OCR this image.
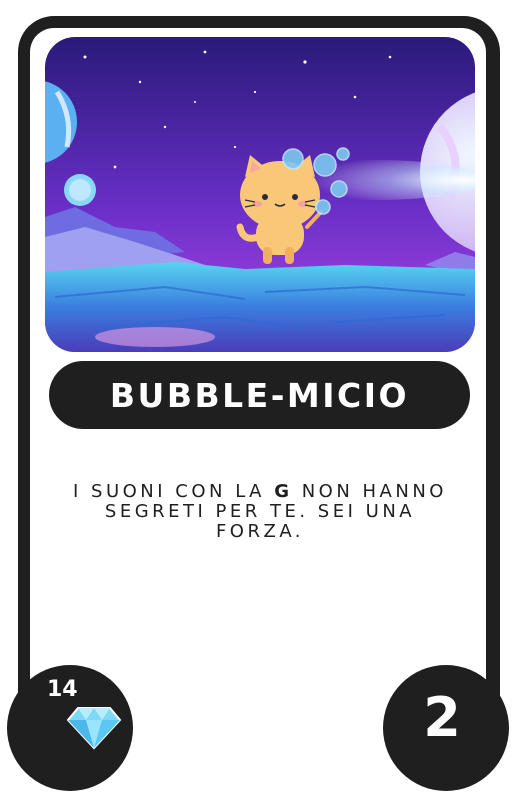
BUBBLE-MICIO
I SUONI CON LA G NON HANNO SEGRETI PER TE. SEI UNA FORZA.
14	2
